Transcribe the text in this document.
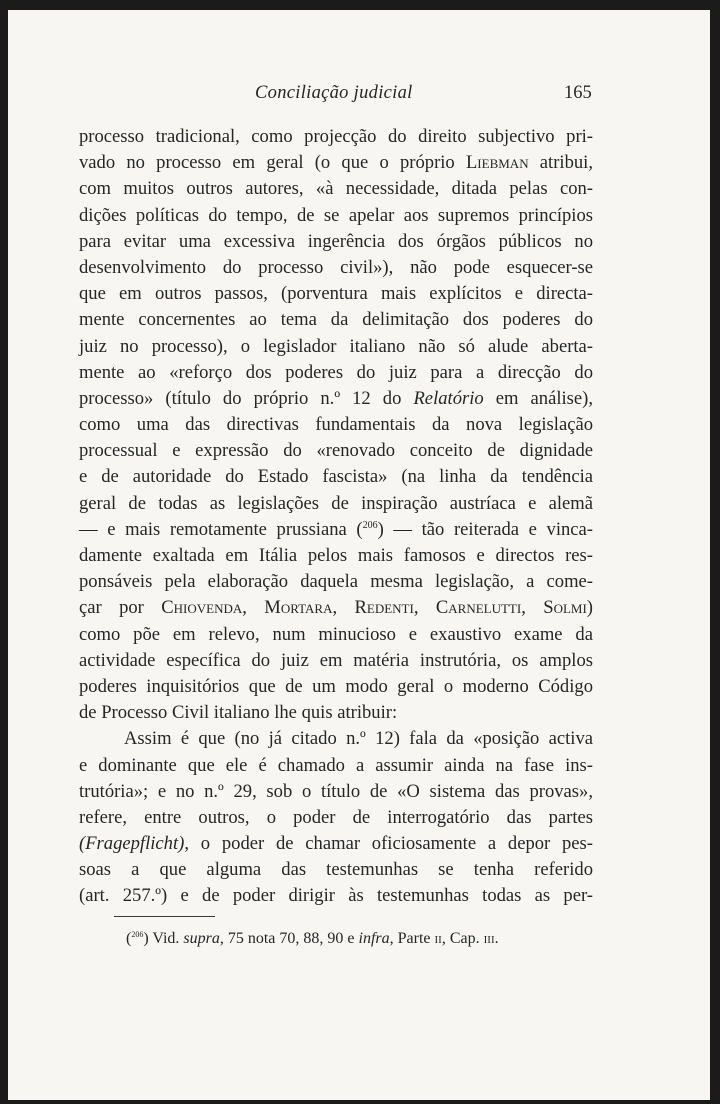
Conciliação judicial	165
processo tradicional, como projecção do direito subjectivo pri-
vado no processo em geral (o que o próprio Liebman atribui,
com muitos outros autores, «à necessidade, ditada pelas con-
dições políticas do tempo, de se apelar aos supremos princípios
para evitar uma excessiva ingerência dos órgãos públicos no
desenvolvimento do processo civil»), não pode esquecer-se
que em outros passos, (porventura mais explícitos e directa-
mente concernentes ao tema da delimitação dos poderes do
juiz no processo), o legislador italiano não só alude aberta-
mente ao «reforço dos poderes do juiz para a direcção do
processo» (título do próprio n.º 12 do Relatório em análise),
como uma das directivas fundamentais da nova legislação
processual e expressão do «renovado conceito de dignidade
e de autoridade do Estado fascista» (na linha da tendência
geral de todas as legislações de inspiração austríaca e alemã
— e mais remotamente prussiana ($^{206}$) — tão reiterada e vinca-
damente exaltada em Itália pelos mais famosos e directos res-
ponsáveis pela elaboração daquela mesma legislação, a come-
çar por Chiovenda, Mortara, Redenti, Carnelutti, Solmi)
como põe em relevo, num minucioso e exaustivo exame da
actividade específica do juiz em matéria instrutória, os amplos
poderes inquisitórios que de um modo geral o moderno Código
de Processo Civil italiano lhe quis atribuir:
Assim é que (no já citado n.º 12) fala da «posição activa
e dominante que ele é chamado a assumir ainda na fase ins-
trutória»; e no n.º 29, sob o título de «O sistema das provas»,
refere, entre outros, o poder de interrogatório das partes
(Fragepflicht), o poder de chamar oficiosamente a depor pes-
soas a que alguma das testemunhas se tenha referido
(art. 257.º) e de poder dirigir às testemunhas todas as per-
($^{206}$) Vid. supra, 75 nota 70, 88, 90 e infra, Parte ii, Cap. iii.
